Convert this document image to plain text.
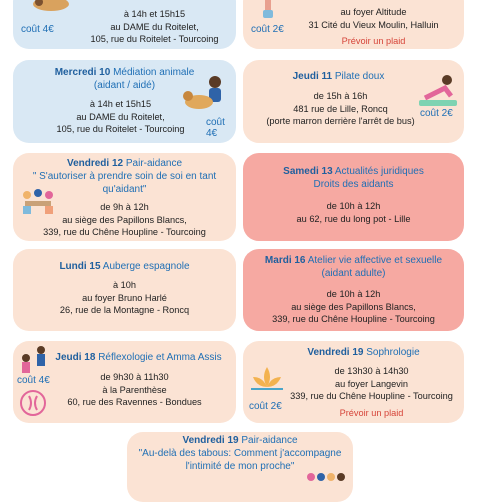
coût 4€
à 14h et 15h15
au DAME du Roitelet,
105, rue du Roitelet - Tourcoing
coût 2€
au foyer Altitude
31 Cité du Vieux Moulin, Halluin
Prévoir un plaid
Mercredi 10 Médiation animale
(aidant / aidé)
à 14h et 15h15
au DAME du Roitelet,
105, rue du Roitelet - Tourcoing
coût 4€
Jeudi 11 Pilate doux
de 15h à 16h
481 rue de Lille, Roncq
(porte marron derrière l'arrêt de bus)
coût 2€
Vendredi 12 Pair-aidance
" S'autoriser à prendre soin de soi en tant
qu'aidant"
de 9h à 12h
au siège des Papillons Blancs,
339, rue du Chêne Houpline - Tourcoing
Samedi 13 Actualités juridiques
Droits des aidants
de 10h à 12h
au 62, rue du long pot - Lille
Lundi 15 Auberge espagnole
à 10h
au foyer Bruno Harlé
26, rue de la Montagne - Roncq
Mardi 16 Atelier vie affective et sexuelle
(aidant adulte)
de 10h à 12h
au siège des Papillons Blancs,
339, rue du Chêne Houpline - Tourcoing
Jeudi 18 Réflexologie et Amma Assis
coût 4€	de 9h30 à 11h30
à la Parenthèse
60, rue des Ravennes - Bondues
Vendredi 19 Sophrologie
coût 2€
de 13h30 à 14h30
au foyer Langevin
339, rue du Chêne Houpline - Tourcoing
Prévoir un plaid
Vendredi 19 Pair-aidance
"Au-delà des tabous: Comment j'accompagne
l'intimité de mon proche"
